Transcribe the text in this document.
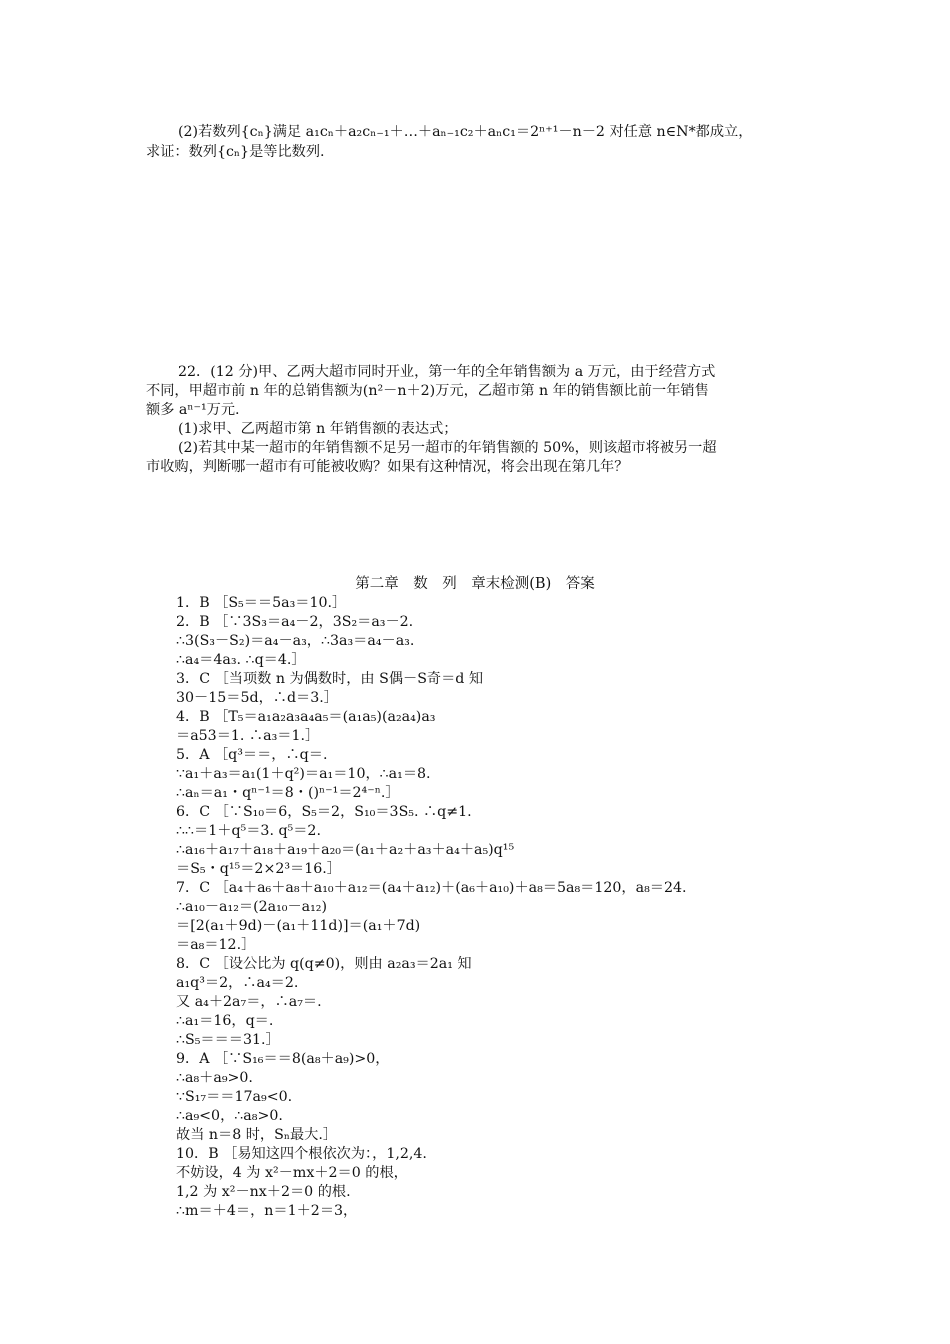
(2)若数列{cₙ}满足 a₁cₙ＋a₂cₙ₋₁＋…＋aₙ₋₁c₂＋aₙc₁＝2ⁿ⁺¹－n－2 对任意 n∈N*都成立，
求证：数列{cₙ}是等比数列.
22．(12 分)甲、乙两大超市同时开业，第一年的全年销售额为 a 万元，由于经营方式
不同，甲超市前 n 年的总销售额为(n²－n＋2)万元，乙超市第 n 年的销售额比前一年销售
额多 aⁿ⁻¹万元.
(1)求甲、乙两超市第 n 年销售额的表达式；
(2)若其中某一超市的年销售额不足另一超市的年销售额的 50%，则该超市将被另一超
市收购，判断哪一超市有可能被收购？如果有这种情况，将会出现在第几年？
第二章　数　列　章末检测(B)　答案
1．B ［S₅＝＝5a₃＝10.］
2．B ［∵3S₃＝a₄－2，3S₂＝a₃－2.
∴3(S₃－S₂)＝a₄－a₃，∴3a₃＝a₄－a₃.
∴a₄＝4a₃. ∴q＝4.］
3．C ［当项数 n 为偶数时，由 S偶－S奇＝d 知
30－15＝5d，∴d＝3.］
4．B ［T₅＝a₁a₂a₃a₄a₅＝(a₁a₅)(a₂a₄)a₃
＝a53＝1. ∴a₃＝1.］
5．A ［q³＝＝，∴q＝.
∵a₁＋a₃＝a₁(1＋q²)＝a₁＝10，∴a₁＝8.
∴aₙ＝a₁・qⁿ⁻¹＝8・()ⁿ⁻¹＝2⁴⁻ⁿ.］
6．C ［∵S₁₀＝6，S₅＝2，S₁₀＝3S₅. ∴q≠1.
∴∴＝1＋q⁵＝3. q⁵＝2.
∴a₁₆＋a₁₇＋a₁₈＋a₁₉＋a₂₀＝(a₁＋a₂＋a₃＋a₄＋a₅)q¹⁵
＝S₅・q¹⁵＝2×2³＝16.］
7．C ［a₄＋a₆＋a₈＋a₁₀＋a₁₂＝(a₄＋a₁₂)＋(a₆＋a₁₀)＋a₈＝5a₈＝120，a₈＝24.
∴a₁₀－a₁₂＝(2a₁₀－a₁₂)
＝[2(a₁＋9d)－(a₁＋11d)]＝(a₁＋7d)
＝a₈＝12.］
8．C ［设公比为 q(q≠0)，则由 a₂a₃＝2a₁ 知
a₁q³＝2，∴a₄＝2.
又 a₄＋2a₇＝，∴a₇＝.
∴a₁＝16，q＝.
∴S₅＝＝＝31.］
9．A ［∵S₁₆＝＝8(a₈＋a₉)>0，
∴a₈＋a₉>0.
∵S₁₇＝＝17a₉<0.
∴a₉<0，∴a₈>0.
故当 n＝8 时，Sₙ最大.］
10．B ［易知这四个根依次为：，1,2,4.
不妨设，4 为 x²－mx＋2＝0 的根，
1,2 为 x²－nx＋2＝0 的根.
∴m＝＋4＝，n＝1＋2＝3，
